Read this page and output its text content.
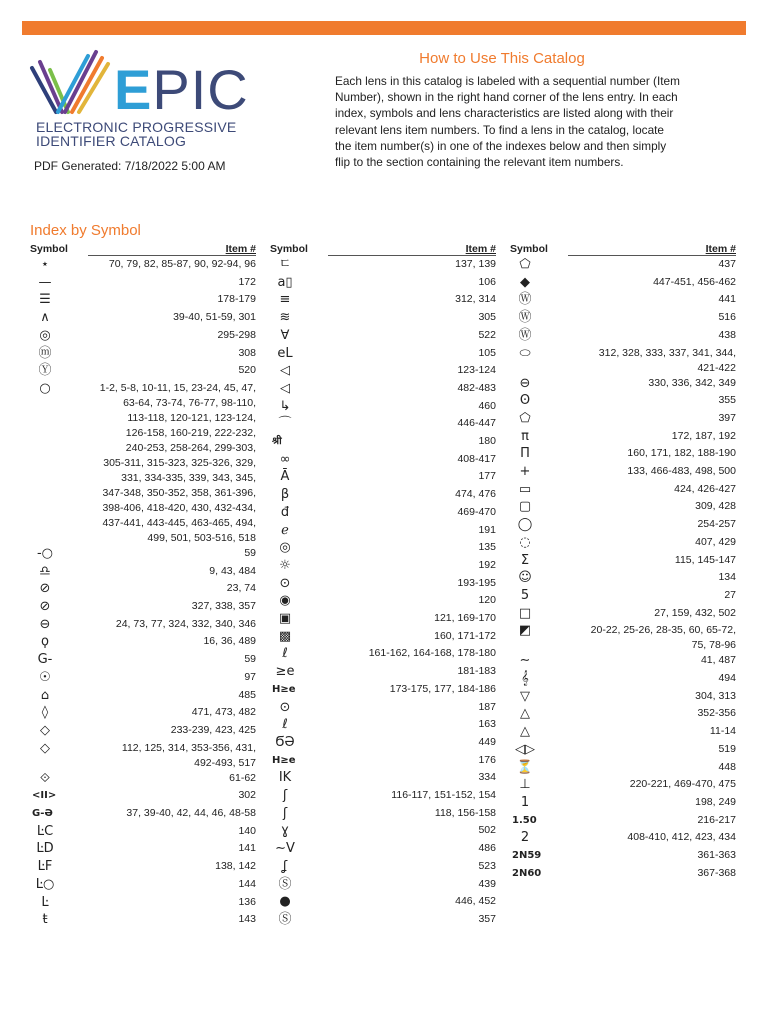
EPIC
ELECTRONIC PROGRESSIVE
IDENTIFIER CATALOG
PDF Generated: 7/18/2022 5:00 AM
How to Use This Catalog
Each lens in this catalog is labeled with a sequential number (Item Number), shown in the right hand corner of the lens entry. In each index, symbols and lens characteristics are listed along with their relevant lens item numbers. To find a lens in the catalog, locate the item number(s) in one of the indexes below and then simply flip to the section containing the relevant item numbers.
Index by Symbol
Symbol	Item #
⋆	70, 79, 82, 85-87, 90, 92-94, 96
—	172
☰	178-179
∧	39-40, 51-59, 301
◎	295-298
ⓜ	308
Ⓨ	520
○	1-2, 5-8, 10-11, 15, 23-24, 45, 47,
63-64, 73-74, 76-77, 98-110,
113-118, 120-121, 123-124,
126-158, 160-219, 222-232,
240-253, 258-264, 299-303,
305-311, 315-323, 325-326, 329,
331, 334-335, 339, 343, 345,
347-348, 350-352, 358, 361-396,
398-406, 418-420, 430, 432-434,
437-441, 443-445, 463-465, 494,
499, 501, 503-516, 518
-○	59
♎	9, 43, 484
⊘	23, 74
⊘	327, 338, 357
⊖	24, 73, 77, 324, 332, 340, 346
ϙ	16, 36, 489
G-	59
☉	97
⌂	485
◊	471, 473, 482
◇	233-239, 423, 425
◇	112, 125, 314, 353-356, 431,
492-493, 517
⟐	61-62
<II>	302
G-Ə	37, 39-40, 42, 44, 46, 48-58
ĿC	140
ĿD	141
ĿF	138, 142
Ŀ○	144
Ŀ	136
ŧ	143
Symbol	Item #
ㄷ	137, 139
a▯	106
≡	312, 314
≋	305
∀	522
eL	105
◁	123-124
◁	482-483
↳	460
⌒	446-447
श्री	180
∞	408-417
Ā	177
β	474, 476
đ	469-470
ℯ	191
◎	135
☼	192
⊙	193-195
◉	120
▣	121, 169-170
▩	160, 171-172
ℓ	161-162, 164-168, 178-180
≥e	181-183
H≥e	173-175, 177, 184-186
⊙	187
ℓ	163
ϬƏ	449
H≥e	176
IK	334
ʃ	116-117, 151-152, 154
ʃ	118, 156-158
ɣ	502
∼V	486
ʆ	523
Ⓢ	439
●	446, 452
Ⓢ	357
Symbol	Item #
⬠	437
◆	447-451, 456-462
Ⓦ	441
Ⓦ	516
Ⓦ	438
⬭	312, 328, 333, 337, 341, 344,
421-422
⊖	330, 336, 342, 349
Ꙩ	355
⬠	397
π	172, 187, 192
Π	160, 171, 182, 188-190
+	133, 466-483, 498, 500
▭	424, 426-427
▢	309, 428
◯	254-257
◌	407, 429
Σ	115, 145-147
☺	134
5	27
□	27, 159, 432, 502
◩	20-22, 25-26, 28-35, 60, 65-72,
75, 78-96
∼	41, 487
𝄞	494
▽	304, 313
△	352-356
△	11-14
◁▷	519
⏳	448
⊥	220-221, 469-470, 475
1	198, 249
1.50	216-217
2	408-410, 412, 423, 434
2N59	361-363
2N60	367-368
